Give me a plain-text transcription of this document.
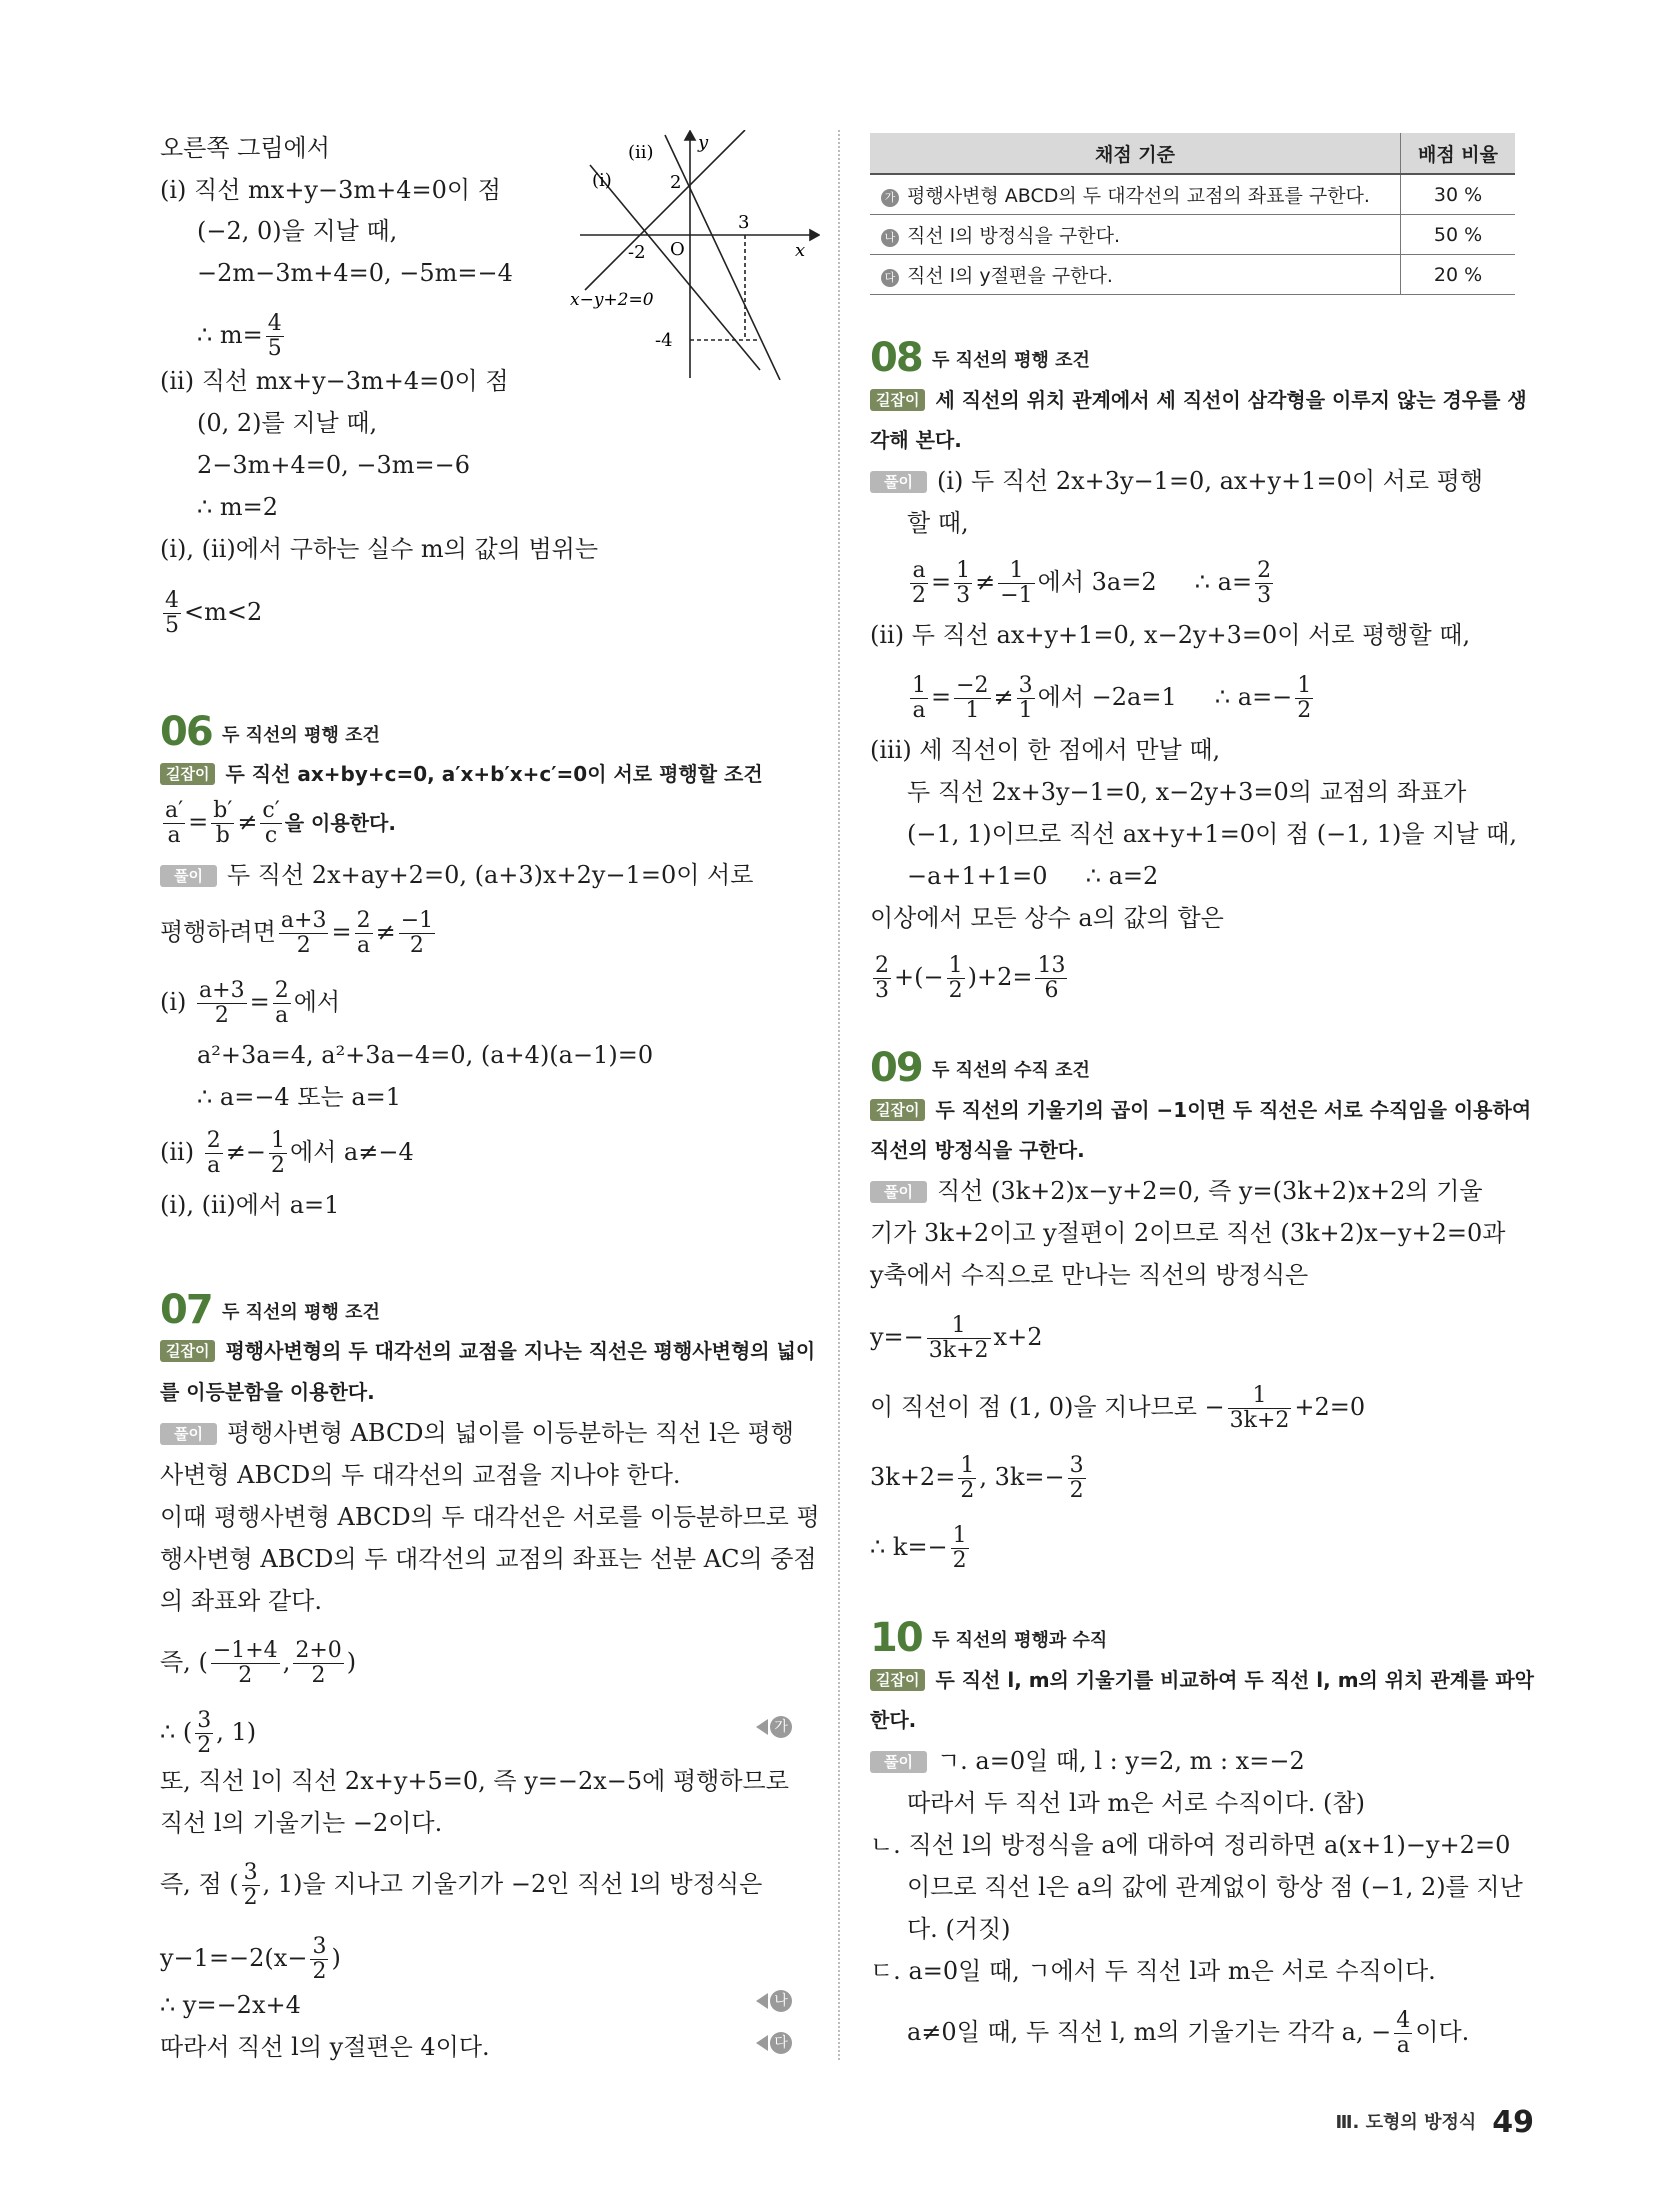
오른쪽 그림에서
(i) 직선 mx+y−3m+4=0이 점
(−2, 0)을 지날 때,
−2m−3m+4=0, −5m=−4
∴ $m= \frac{4}{5}$
(ii) 직선 mx+y−3m+4=0이 점
(0, 2)를 지날 때,
2−3m+4=0, −3m=−6
∴ m=2
(i), (ii)에서 구하는 실수 m의 값의 범위는
$\frac{4}{5} <m<2$
(ii)
(i)
y
x
2
3
-2 O
-4
x−y+2=0
06 두 직선의 평행 조건
길잡이 두 직선 ax+by+c=0, a′x+b′x+c′=0이 서로 평행할 조건
$\frac{a'}{a} = \frac{b'}{b} \ne \frac{c'}{c}$ 을 이용한다.
풀이 두 직선 2x+ay+2=0, (a+3)x+2y−1=0이 서로
평행하려면 $\frac{a+3}{2} = \frac{2}{a} \ne \frac{-1}{2}$
$(i) \frac{a+3}{2} = \frac{2}{a}$ 에서
a²+3a=4, a²+3a−4=0, (a+4)(a−1)=0
∴ a=−4 또는 a=1
$(ii) \frac{2}{a} \ne- \frac{1}{2}$ 에서 a≠−4
(i), (ii)에서 a=1
07 두 직선의 평행 조건
길잡이 평행사변형의 두 대각선의 교점을 지나는 직선은 평행사변형의 넓이
를 이등분함을 이용한다.
풀이 평행사변형 ABCD의 넓이를 이등분하는 직선 l은 평행
사변형 ABCD의 두 대각선의 교점을 지나야 한다.
이때 평행사변형 ABCD의 두 대각선은 서로를 이등분하므로 평
행사변형 ABCD의 두 대각선의 교점의 좌표는 선분 AC의 중점
의 좌표와 같다.
즉, ( $\frac{-1+4}{2}$ , $\frac{2+0}{2}$ )
∴ ( $\frac{3}{2}$ , 1)	가
또, 직선 l이 직선 2x+y+5=0, 즉 y=−2x−5에 평행하므로
직선 l의 기울기는 −2이다.
즉, 점 ( $\frac{3}{2}$ , 1)을 지나고 기울기가 −2인 직선 l의 방정식은
$y-1=-2(x- \frac{3}{2}$ )
∴ y=−2x+4	나
따라서 직선 l의 y절편은 4이다.	다
채점 기준	배점 비율
가 평행사변형 ABCD의 두 대각선의 교점의 좌표를 구한다.	30 %
나 직선 l의 방정식을 구한다.	50 %
다 직선 l의 y절편을 구한다.	20 %
08 두 직선의 평행 조건
길잡이 세 직선의 위치 관계에서 세 직선이 삼각형을 이루지 않는 경우를 생
각해 본다.
풀이 (i) 두 직선 2x+3y−1=0, ax+y+1=0이 서로 평행
할 때,
$\frac{a}{2} = \frac{1}{3} \ne \frac{1}{-1}$ 에서 3a=2     ∴ $a= \frac{2}{3}$
(ii) 두 직선 ax+y+1=0, x−2y+3=0이 서로 평행할 때,
$\frac{1}{a} = \frac{-2}{1} \ne \frac{3}{1}$ 에서 −2a=1     ∴ $a=- \frac{1}{2}$
(iii) 세 직선이 한 점에서 만날 때,
두 직선 2x+3y−1=0, x−2y+3=0의 교점의 좌표가
(−1, 1)이므로 직선 ax+y+1=0이 점 (−1, 1)을 지날 때,
−a+1+1=0     ∴ a=2
이상에서 모든 상수 a의 값의 합은
$\frac{2}{3}$ +(− $\frac{1}{2} )+2= \frac{13}{6}$
09 두 직선의 수직 조건
길잡이 두 직선의 기울기의 곱이 −1이면 두 직선은 서로 수직임을 이용하여
직선의 방정식을 구한다.
풀이 직선 (3k+2)x−y+2=0, 즉 y=(3k+2)x+2의 기울
기가 3k+2이고 y절편이 2이므로 직선 (3k+2)x−y+2=0과
y축에서 수직으로 만나는 직선의 방정식은
$y=- \frac{1}{3k+2} x+2$
이 직선이 점 (1, 0)을 지나므로 − $\frac{1}{3k+2} +2=0$
$3k+2= \frac{1}{2}$ , $3k=- \frac{3}{2}$
∴ $k=- \frac{1}{2}$
10 두 직선의 평행과 수직
길잡이 두 직선 l, m의 기울기를 비교하여 두 직선 l, m의 위치 관계를 파악
한다.
풀이 ㄱ. a=0일 때, l : y=2, m : x=−2
따라서 두 직선 l과 m은 서로 수직이다. (참)
ㄴ. 직선 l의 방정식을 a에 대하여 정리하면 a(x+1)−y+2=0
이므로 직선 l은 a의 값에 관계없이 항상 점 (−1, 2)를 지난
다. (거짓)
ㄷ. a=0일 때, ㄱ에서 두 직선 l과 m은 서로 수직이다.
a≠0일 때, 두 직선 l, m의 기울기는 각각 a, − $\frac{4}{a}$ 이다.
Ⅲ. 도형의 방정식 49
